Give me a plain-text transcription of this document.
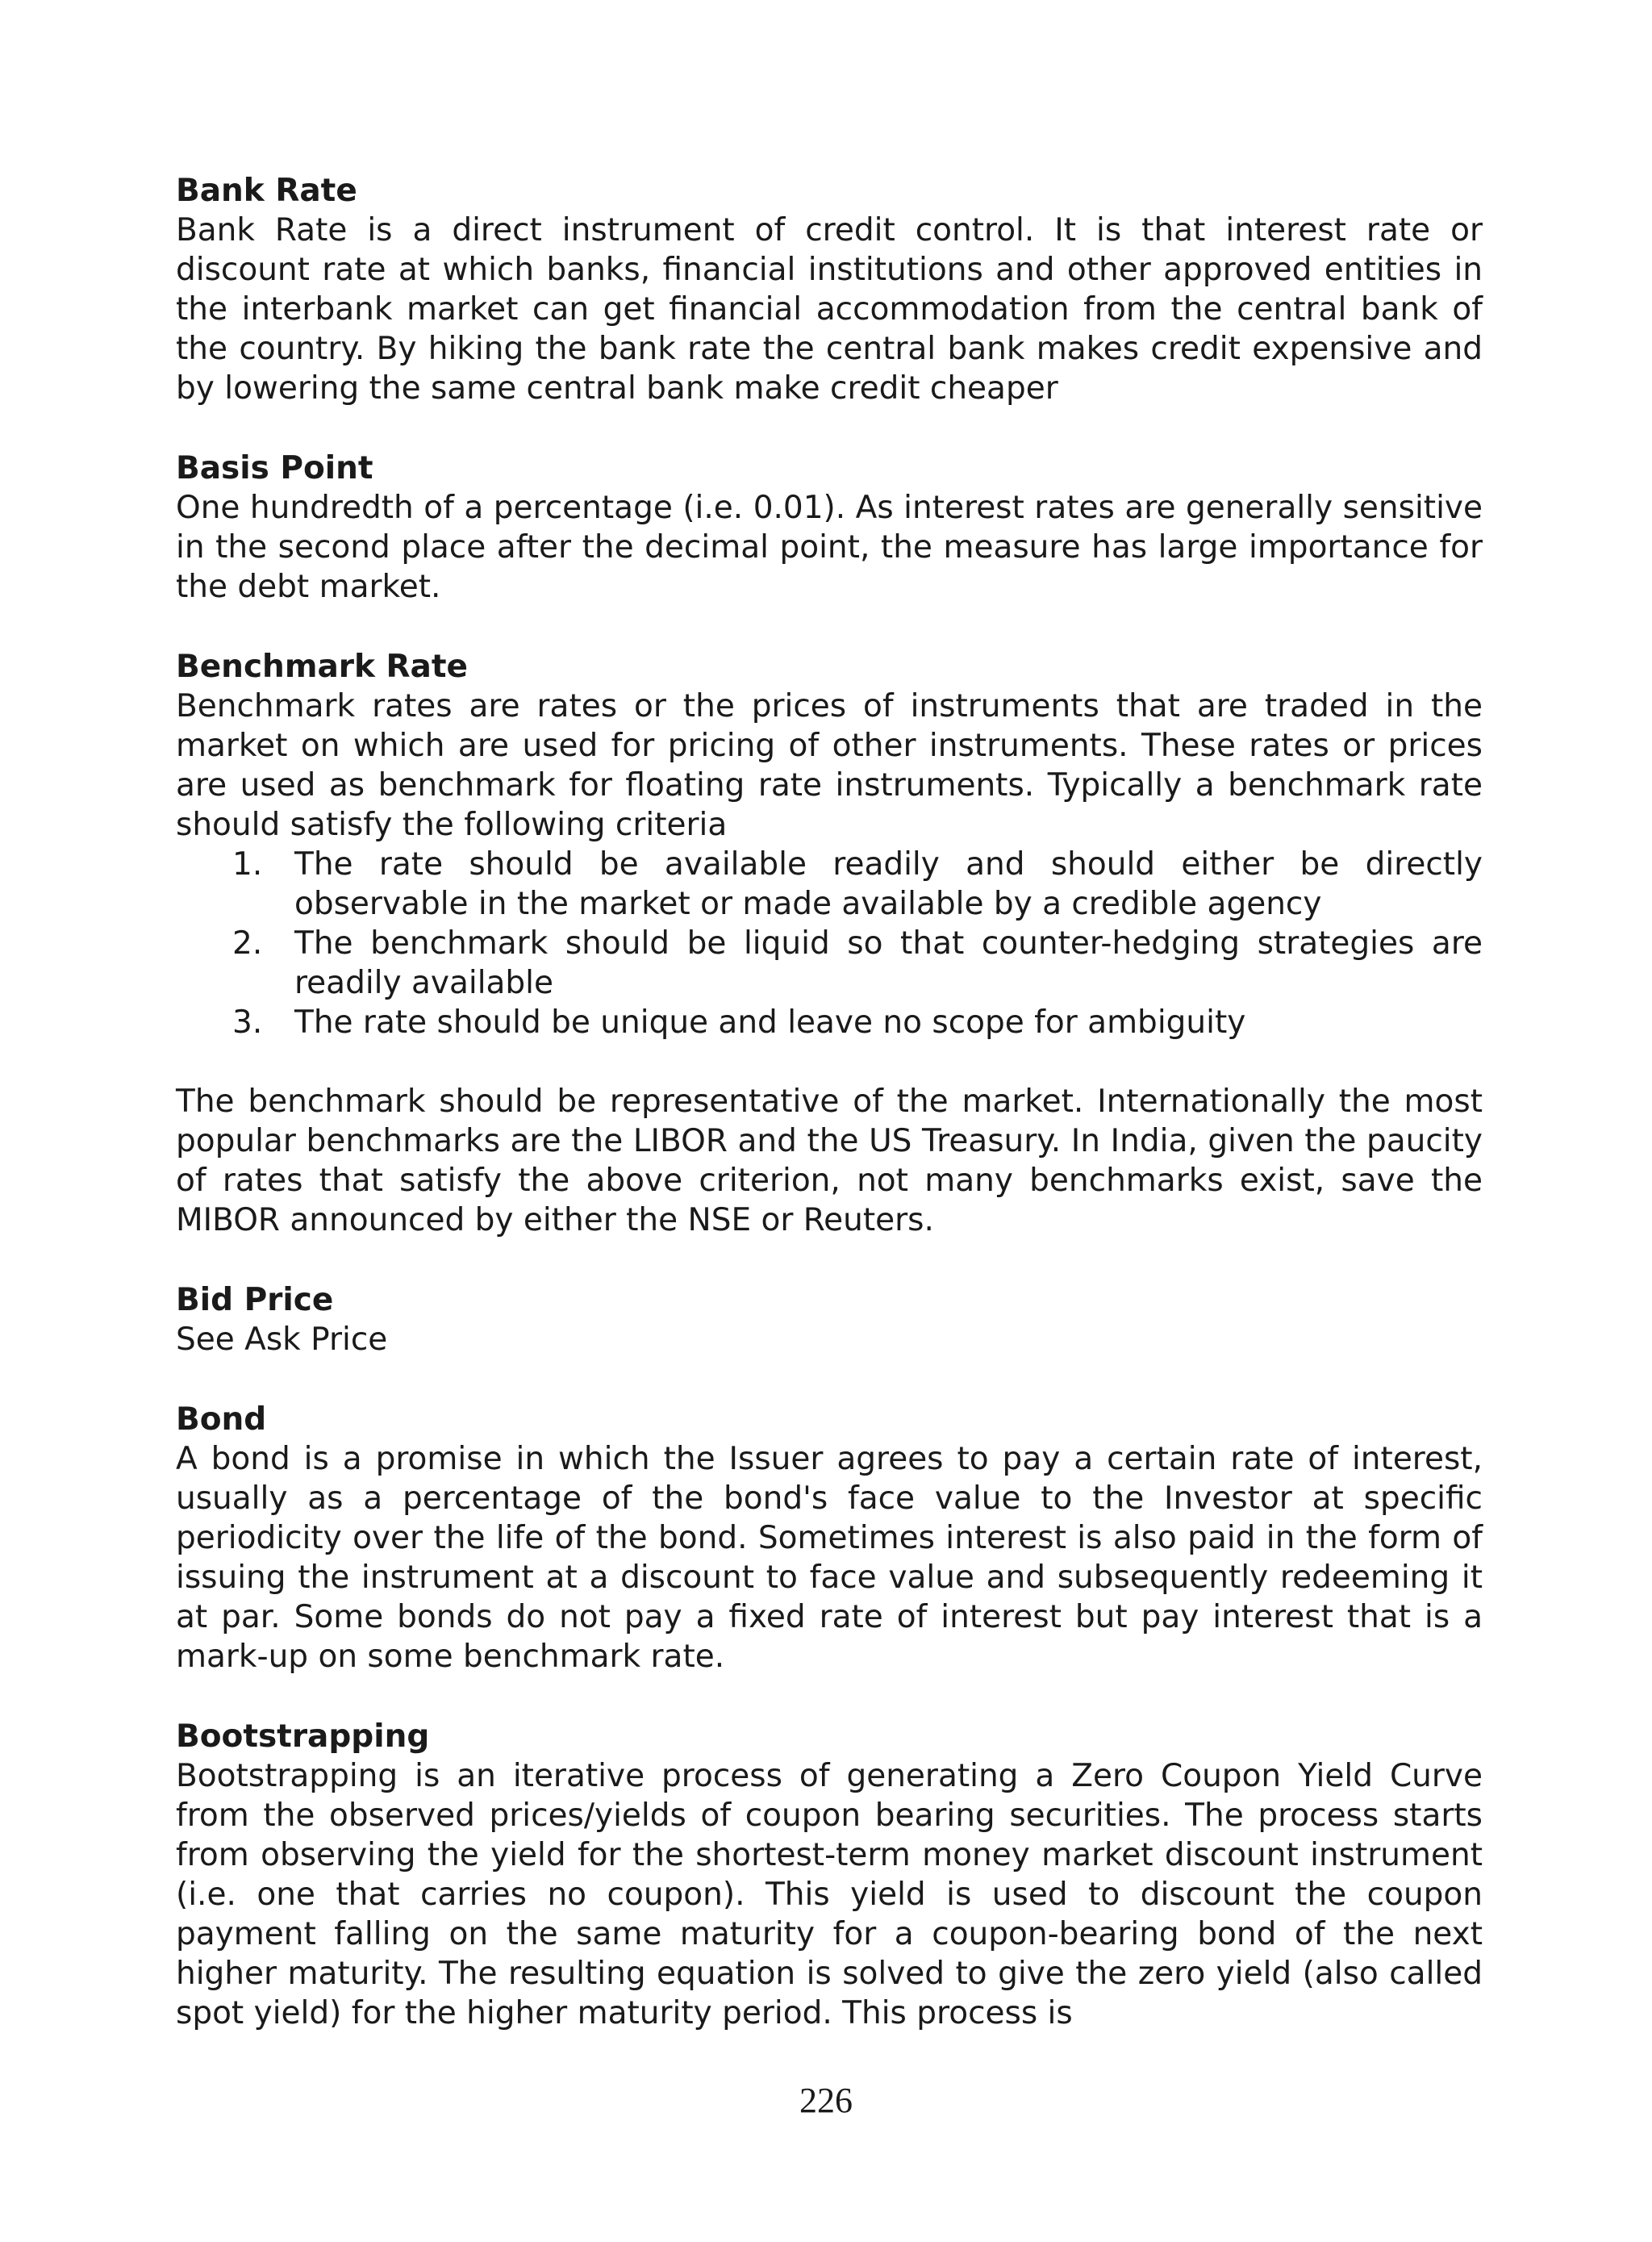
Bank Rate

Bank Rate is a direct instrument of credit control. It is that interest rate or discount rate at which banks, financial institutions and other approved entities in the interbank market can get financial accommodation from the central bank of the country. By hiking the bank rate the central bank makes credit expensive and by lowering the same central bank make credit cheaper

Basis Point

One hundredth of a percentage (i.e. 0.01). As interest rates are generally sensitive in the second place after the decimal point, the measure has large importance for the debt market.

Benchmark Rate

Benchmark rates are rates or the prices of instruments that are traded in the market on which are used for pricing of other instruments. These rates or prices are used as benchmark for floating rate instruments. Typically a benchmark rate should satisfy the following criteria

1. The rate should be available readily and should either be directly observable in the market or made available by a credible agency
2. The benchmark should be liquid so that counter-hedging strategies are readily available
3. The rate should be unique and leave no scope for ambiguity

The benchmark should be representative of the market. Internationally the most popular benchmarks are the LIBOR and the US Treasury. In India, given the paucity of rates that satisfy the above criterion, not many benchmarks exist, save the MIBOR announced by either the NSE or Reuters.

Bid Price

See Ask Price

Bond

A bond is a promise in which the Issuer agrees to pay a certain rate of interest, usually as a percentage of the bond's face value to the Investor at specific periodicity over the life of the bond. Sometimes interest is also paid in the form of issuing the instrument at a discount to face value and subsequently redeeming it at par. Some bonds do not pay a fixed rate of interest but pay interest that is a mark-up on some benchmark rate.

Bootstrapping

Bootstrapping is an iterative process of generating a Zero Coupon Yield Curve from the observed prices/yields of coupon bearing securities. The process starts from observing the yield for the shortest-term money market discount instrument (i.e. one that carries no coupon). This yield is used to discount the coupon payment falling on the same maturity for a coupon-bearing bond of the next higher maturity. The resulting equation is solved to give the zero yield (also called spot yield) for the higher maturity period. This process is

226
